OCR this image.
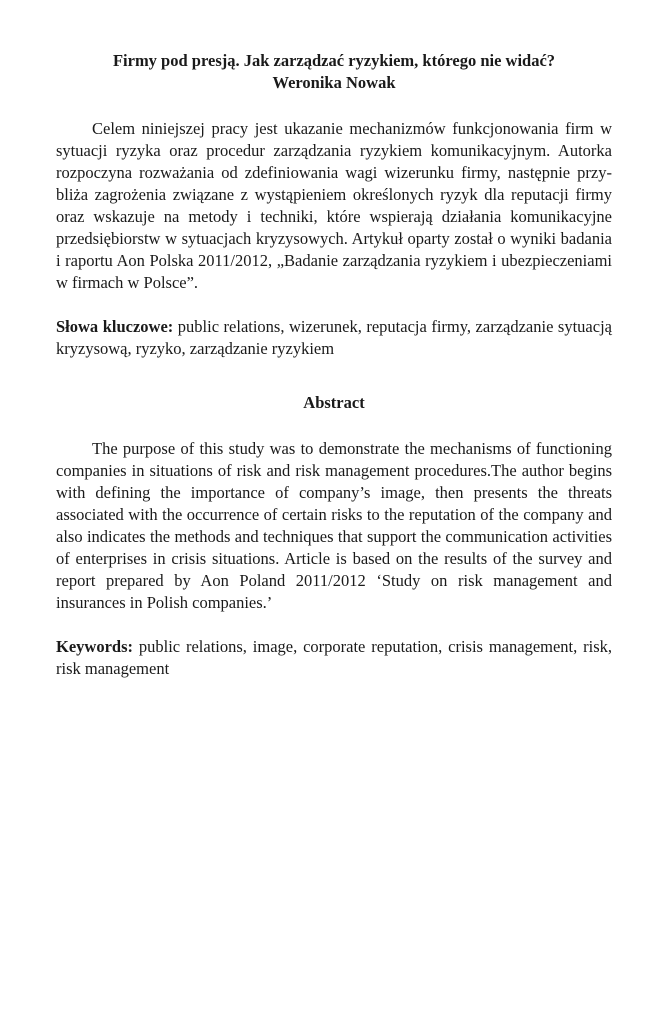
Firmy pod presją. Jak zarządzać ryzykiem, którego nie widać?

Weronika Nowak

Celem niniejszej pracy jest ukazanie mechanizmów funkcjonowania firm w sytuacji ryzyka oraz procedur zarządzania ryzykiem komunikacyjnym. Autorka rozpoczyna rozważania od zdefiniowania wagi wizerunku firmy, następnie przybliża zagrożenia związane z wystąpieniem określonych ryzyk dla reputacji firmy oraz wskazuje na metody i techniki, które wspierają działania komunikacyjne przedsiębiorstw w sytuacjach kryzysowych. Artykuł oparty został o wyniki badania i raportu Aon Polska 2011/2012, „Badanie zarządzania ryzykiem i ubezpieczeniami w firmach w Polsce”.

Słowa kluczowe: public relations, wizerunek, reputacja firmy, zarządzanie sytuacją kryzysową, ryzyko, zarządzanie ryzykiem

Abstract

The purpose of this study was to demonstrate the mechanisms of functioning companies in situations of risk and risk management procedures.The author begins with defining the importance of company’s image, then presents the threats associated with the occurrence of certain risks to the reputation of the company and also indicates the methods and techniques that support the communication activities of enterprises in crisis situations. Article is based on the results of the survey and report prepared by Aon Poland 2011/2012 ‘Study on risk management and insurances in Polish companies.’

Keywords: public relations, image, corporate reputation, crisis management, risk, risk management
